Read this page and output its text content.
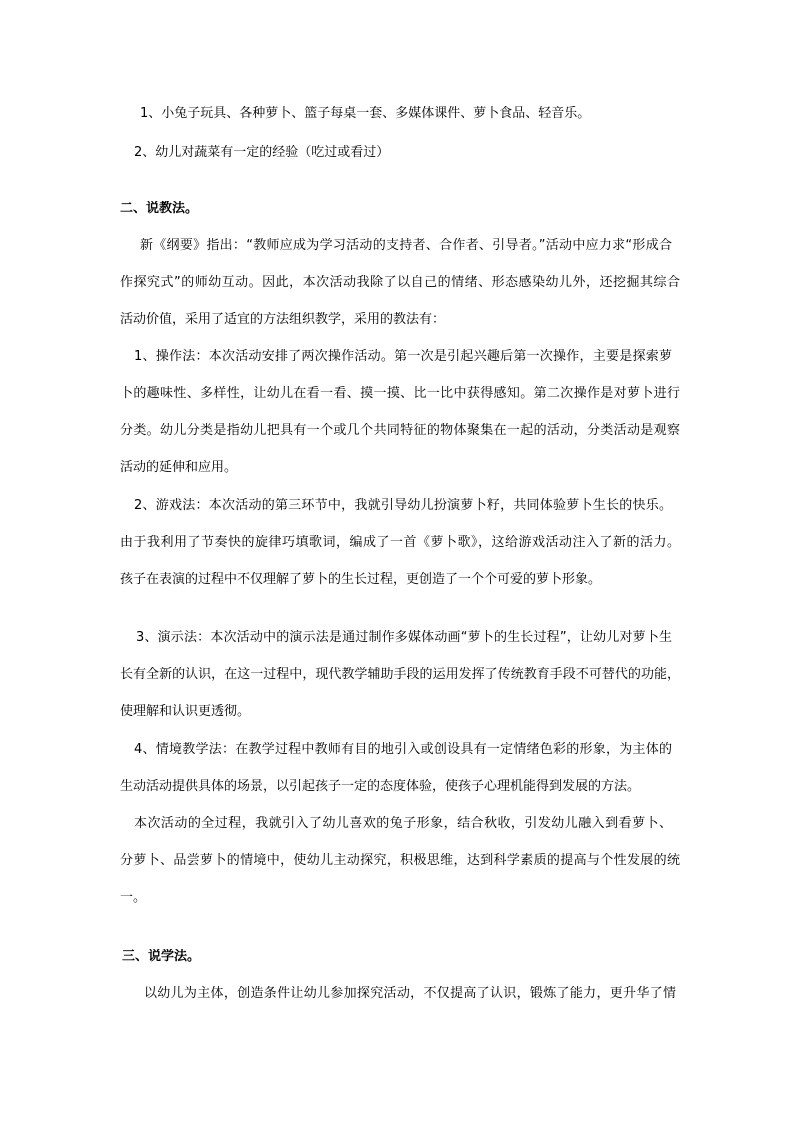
1、小兔子玩具、各种萝卜、篮子每桌一套、多媒体课件、萝卜食品、轻音乐。
2、幼儿对蔬菜有一定的经验（吃过或看过）
二、说教法。
新《纲要》指出：“教师应成为学习活动的支持者、合作者、引导者。”活动中应力求“形成合
作探究式”的师幼互动。因此，本次活动我除了以自己的情绪、形态感染幼儿外，还挖掘其综合
活动价值，采用了适宜的方法组织教学，采用的教法有：
1、操作法：本次活动安排了两次操作活动。第一次是引起兴趣后第一次操作，主要是探索萝
卜的趣味性、多样性，让幼儿在看一看、摸一摸、比一比中获得感知。第二次操作是对萝卜进行
分类。幼儿分类是指幼儿把具有一个或几个共同特征的物体聚集在一起的活动，分类活动是观察
活动的延伸和应用。
2、游戏法：本次活动的第三环节中，我就引导幼儿扮演萝卜籽，共同体验萝卜生长的快乐。
由于我利用了节奏快的旋律巧填歌词，编成了一首《萝卜歌》，这给游戏活动注入了新的活力。
孩子在表演的过程中不仅理解了萝卜的生长过程，更创造了一个个可爱的萝卜形象。
3、演示法：本次活动中的演示法是通过制作多媒体动画“萝卜的生长过程”，让幼儿对萝卜生
长有全新的认识，在这一过程中，现代教学辅助手段的运用发挥了传统教育手段不可替代的功能，
使理解和认识更透彻。
4、情境教学法：在教学过程中教师有目的地引入或创设具有一定情绪色彩的形象，为主体的
生动活动提供具体的场景，以引起孩子一定的态度体验，使孩子心理机能得到发展的方法。
本次活动的全过程，我就引入了幼儿喜欢的兔子形象，结合秋收，引发幼儿融入到看萝卜、
分萝卜、品尝萝卜的情境中，使幼儿主动探究，积极思维，达到科学素质的提高与个性发展的统
一。
三、说学法。
以幼儿为主体，创造条件让幼儿参加探究活动，不仅提高了认识，锻炼了能力，更升华了情
